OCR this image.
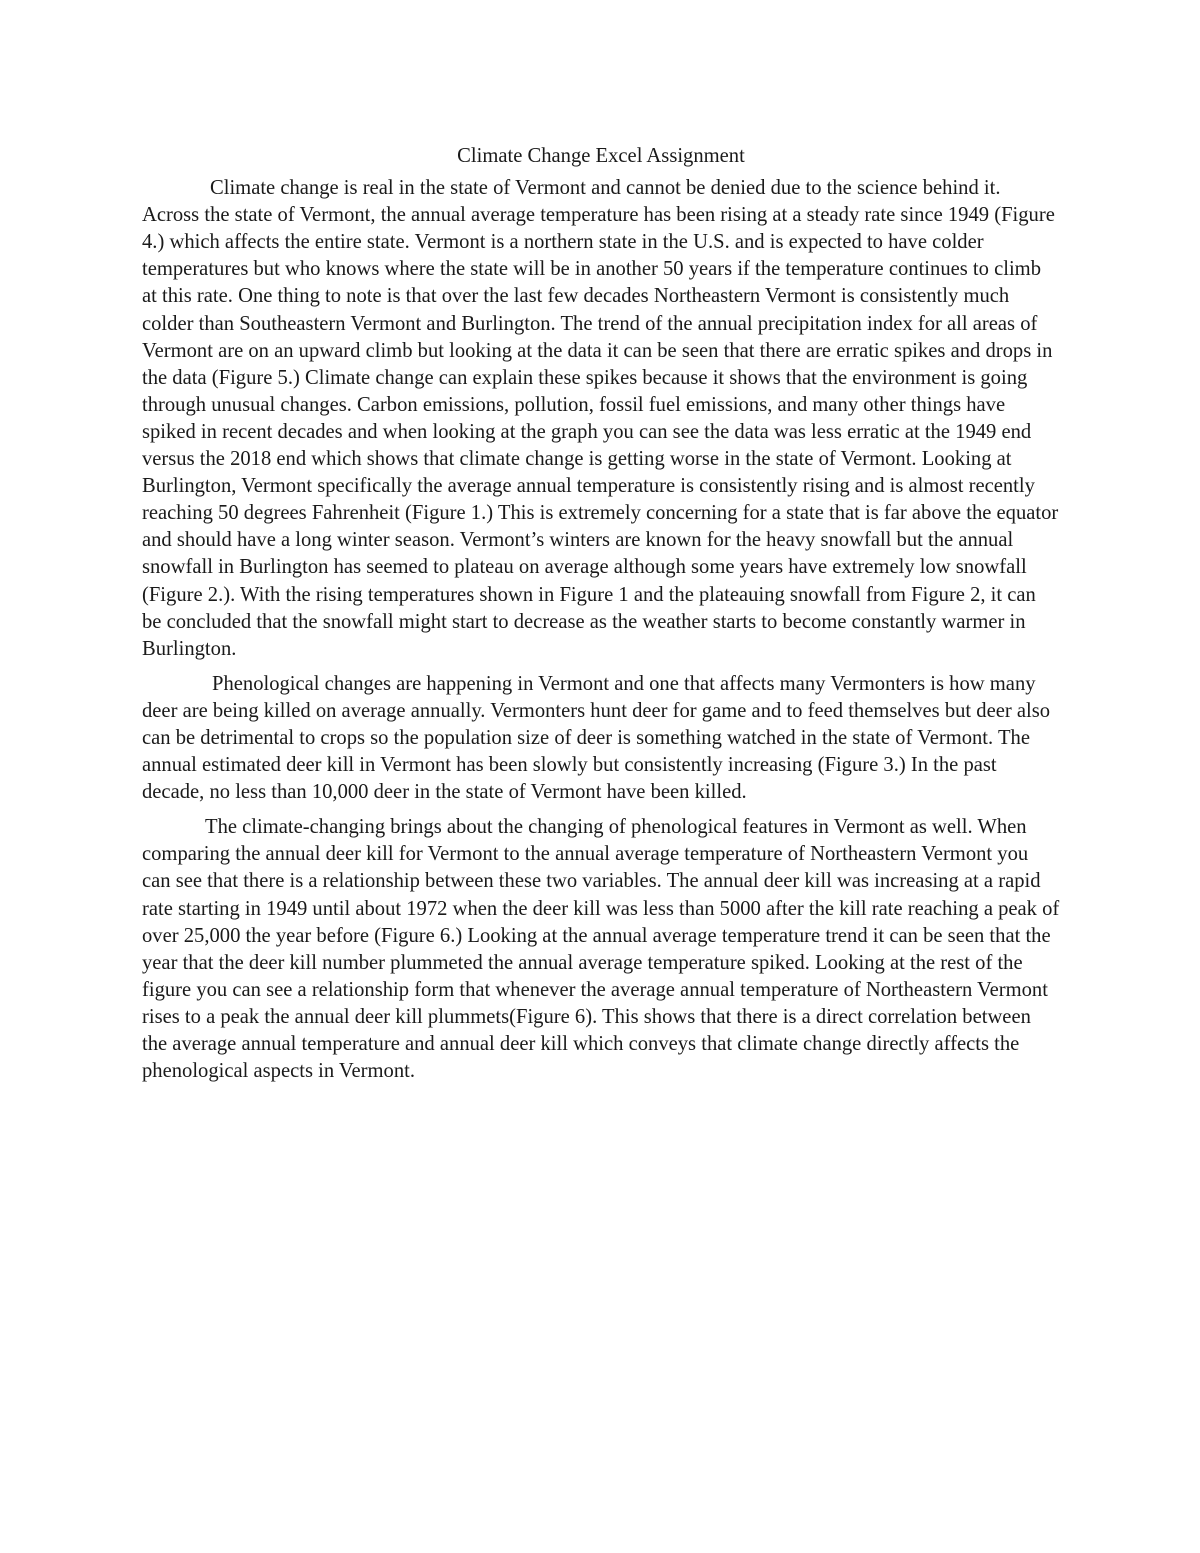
Climate Change Excel Assignment

Climate change is real in the state of Vermont and cannot be denied due to the science behind it. Across the state of Vermont, the annual average temperature has been rising at a steady rate since 1949 (Figure 4.) which affects the entire state. Vermont is a northern state in the U.S. and is expected to have colder temperatures but who knows where the state will be in another 50 years if the temperature continues to climb at this rate. One thing to note is that over the last few decades Northeastern Vermont is consistently much colder than Southeastern Vermont and Burlington. The trend of the annual precipitation index for all areas of Vermont are on an upward climb but looking at the data it can be seen that there are erratic spikes and drops in the data (Figure 5.) Climate change can explain these spikes because it shows that the environment is going through unusual changes. Carbon emissions, pollution, fossil fuel emissions, and many other things have spiked in recent decades and when looking at the graph you can see the data was less erratic at the 1949 end versus the 2018 end which shows that climate change is getting worse in the state of Vermont. Looking at Burlington, Vermont specifically the average annual temperature is consistently rising and is almost recently reaching 50 degrees Fahrenheit (Figure 1.) This is extremely concerning for a state that is far above the equator and should have a long winter season. Vermont’s winters are known for the heavy snowfall but the annual snowfall in Burlington has seemed to plateau on average although some years have extremely low snowfall (Figure 2.). With the rising temperatures shown in Figure 1 and the plateauing snowfall from Figure 2, it can be concluded that the snowfall might start to decrease as the weather starts to become constantly warmer in Burlington.

Phenological changes are happening in Vermont and one that affects many Vermonters is how many deer are being killed on average annually. Vermonters hunt deer for game and to feed themselves but deer also can be detrimental to crops so the population size of deer is something watched in the state of Vermont. The annual estimated deer kill in Vermont has been slowly but consistently increasing (Figure 3.) In the past decade, no less than 10,000 deer in the state of Vermont have been killed.

The climate-changing brings about the changing of phenological features in Vermont as well. When comparing the annual deer kill for Vermont to the annual average temperature of Northeastern Vermont you can see that there is a relationship between these two variables. The annual deer kill was increasing at a rapid rate starting in 1949 until about 1972 when the deer kill was less than 5000 after the kill rate reaching a peak of over 25,000 the year before (Figure 6.) Looking at the annual average temperature trend it can be seen that the year that the deer kill number plummeted the annual average temperature spiked. Looking at the rest of the figure you can see a relationship form that whenever the average annual temperature of Northeastern Vermont rises to a peak the annual deer kill plummets(Figure 6). This shows that there is a direct correlation between the average annual temperature and annual deer kill which conveys that climate change directly affects the phenological aspects in Vermont.
